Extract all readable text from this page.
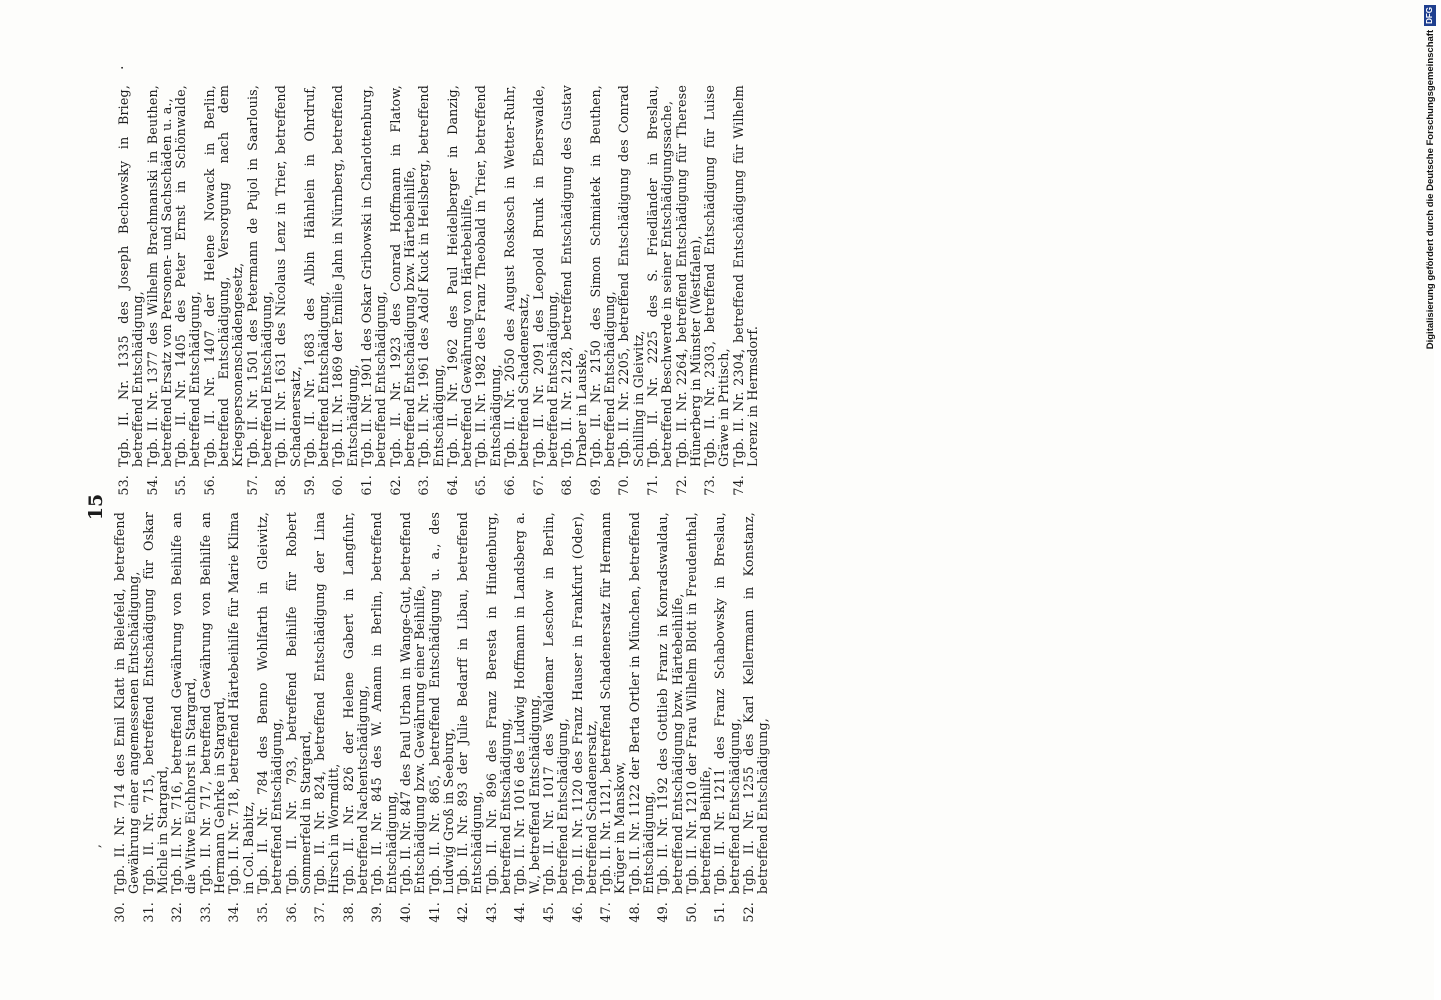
15
,
.
30.
Tgb. II. Nr. 714 des Emil Klatt in Bielefeld, betreffend Gewährung einer angemessenen Entschädigung,
31.
Tgb. II. Nr. 715, betreffend Entschädigung für Oskar Michle in Stargard,
32.
Tgb. II. Nr. 716, betreffend Gewährung von Beihilfe an die Witwe Eichhorst in Stargard,
33.
Tgb. II. Nr. 717, betreffend Gewährung von Beihilfe an Hermann Gehrke in Stargard,
34.
Tgb. II. Nr. 718, betreffend Härtebeihilfe für Marie Klima in Col. Babitz,
35.
Tgb. II. Nr. 784 des Benno Wohlfarth in Gleiwitz, betreffend Entschädigung,
36.
Tgb. II. Nr. 793, betreffend Beihilfe für Robert Sommerfeld in Stargard,
37.
Tgb. II. Nr. 824, betreffend Entschädigung der Lina Hirsch in Wormditt,
38.
Tgb. II. Nr. 826 der Helene Gabert in Langfuhr, betreffend Nachentschädigung,
39.
Tgb. II. Nr. 845 des W. Amann in Berlin, betreffend Entschädigung,
40.
Tgb. II. Nr. 847 des Paul Urban in Wange-Gut, betreffend Entschädigung bzw. Gewährung einer Beihilfe,
41.
Tgb. II. Nr. 865, betreffend Entschädigung u. a., des Ludwig Groß in Seeburg,
42.
Tgb. II. Nr. 893 der Julie Bedarff in Libau, betreffend Entschädigung,
43.
Tgb. II. Nr. 896 des Franz Beresta in Hindenburg, betreffend Entschädigung,
44.
Tgb. II. Nr. 1016 des Ludwig Hoffmann in Landsberg a. W., betreffend Entschädigung,
45.
Tgb. II. Nr. 1017 des Waldemar Leschow in Berlin, betreffend Entschädigung,
46.
Tgb. II. Nr. 1120 des Franz Hauser in Frankfurt (Oder), betreffend Schadenersatz,
47.
Tgb. II. Nr. 1121, betreffend Schadenersatz für Hermann Krüger in Manskow,
48.
Tgb. II. Nr. 1122 der Berta Ortler in München, betreffend Entschädigung,
49.
Tgb. II. Nr. 1192 des Gottlieb Franz in Konradswaldau, betreffend Entschädigung bzw. Härtebeihilfe,
50.
Tgb. II. Nr. 1210 der Frau Wilhelm Blott in Freudenthal, betreffend Beihilfe,
51.
Tgb. II. Nr. 1211 des Franz Schabowsky in Breslau, betreffend Entschädigung,
52.
Tgb. II. Nr. 1255 des Karl Kellermann in Konstanz, betreffend Entschädigung,
53.
Tgb. II. Nr. 1335 des Joseph Bechowsky in Brieg, betreffend Entschädigung,
54.
Tgb. II. Nr. 1377 des Wilhelm Brachmanski in Beuthen, betreffend Ersatz von Personen- und Sachschäden u. a.,
55.
Tgb. II. Nr. 1405 des Peter Ernst in Schönwalde, betreffend Entschädigung,
56.
Tgb. II. Nr. 1407 der Helene Nowack in Berlin, betreffend Entschädigung, Versorgung nach dem Kriegspersonenschädengesetz,
57.
Tgb. II. Nr. 1501 des Petermann de Pujol in Saarlouis, betreffend Entschädigung,
58.
Tgb. II. Nr. 1631 des Nicolaus Lenz in Trier, betreffend Schadenersatz,
59.
Tgb. II. Nr. 1683 des Albin Hähnlein in Ohrdruf, betreffend Entschädigung,
60.
Tgb. II. Nr. 1869 der Emilie Jahn in Nürnberg, betreffend Entschädigung,
61.
Tgb. II. Nr. 1901 des Oskar Gribowski in Charlottenburg, betreffend Entschädigung,
62.
Tgb. II. Nr. 1923 des Conrad Hoffmann in Flatow, betreffend Entschädigung bzw. Härtebeihilfe,
63.
Tgb. II. Nr. 1961 des Adolf Kuck in Heilsberg, betreffend Entschädigung,
64.
Tgb. II. Nr. 1962 des Paul Heidelberger in Danzig, betreffend Gewährung von Härtebeihilfe,
65.
Tgb. II. Nr. 1982 des Franz Theobald in Trier, betreffend Entschädigung,
66.
Tgb. II. Nr. 2050 des August Roskosch in Wetter-Ruhr, betreffend Schadenersatz,
67.
Tgb. II. Nr. 2091 des Leopold Brunk in Eberswalde, betreffend Entschädigung,
68.
Tgb. II. Nr. 2128, betreffend Entschädigung des Gustav Draber in Lauske,
69.
Tgb. II. Nr. 2150 des Simon Schmiatek in Beuthen, betreffend Entschädigung,
70.
Tgb. II. Nr. 2205, betreffend Entschädigung des Conrad Schilling in Gleiwitz,
71.
Tgb. II. Nr. 2225 des S. Friedländer in Breslau, betreffend Beschwerde in seiner Entschädigungssache,
72.
Tgb. II. Nr. 2264, betreffend Entschädigung für Therese Hünerberg in Münster (Westfalen),
73.
Tgb. II. Nr. 2303, betreffend Entschädigung für Luise Gräwe in Pritisch,
74.
Tgb. II. Nr. 2304, betreffend Entschädigung für Wilhelm Lorenz in Hermsdorf.
Digitalisierung gefördert durch die Deutsche Forschungsgemeinschaft
DFG
